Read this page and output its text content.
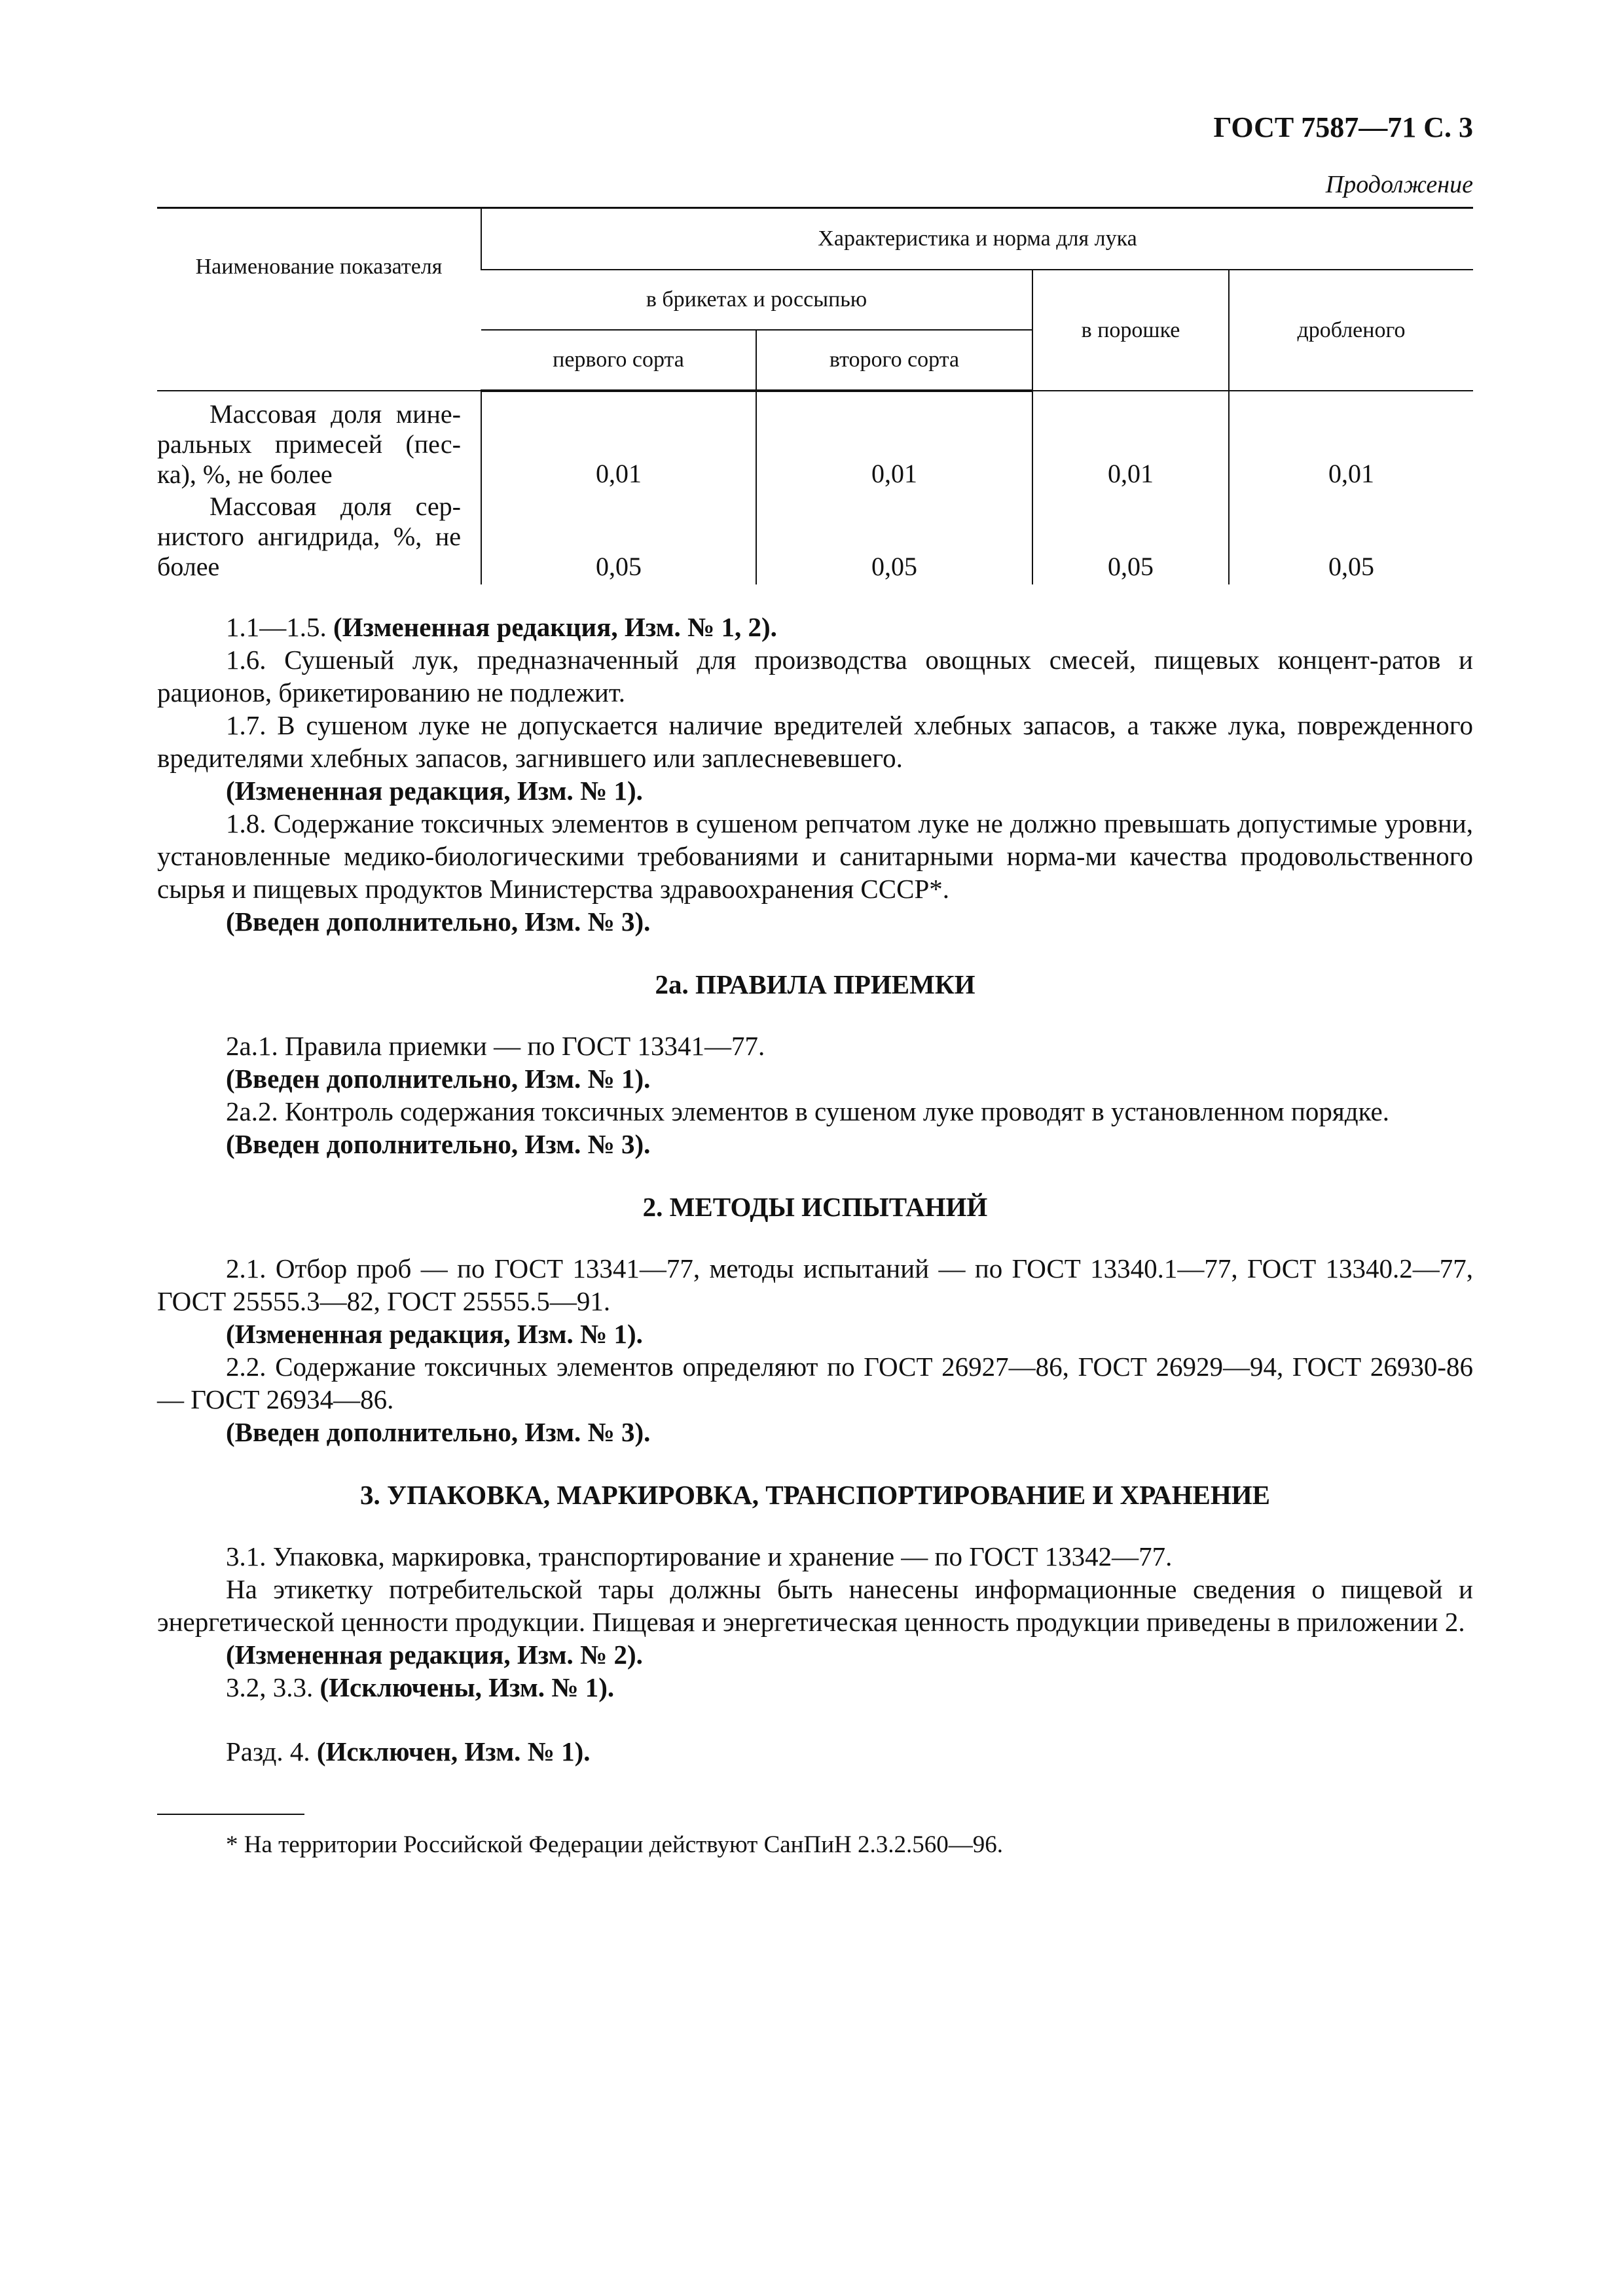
ГОСТ 7587—71 С. 3
Продолжение
Наименование показателя	Характеристика и норма для лука			
	в брикетах и россыпью		в порошке	дробленого
	первого сорта	второго сорта		

Массовая доля мине-ральных примесей (пес-ка), %, не более	0,01	0,01	0,01	0,01

Массовая доля сер-нистого ангидрида, %, не более	0,05	0,05	0,05	0,05

1.1—1.5. (Измененная редакция, Изм. № 1, 2).

1.6. Сушеный лук, предназначенный для производства овощных смесей, пищевых концент-ратов и рационов, брикетированию не подлежит.

1.7. В сушеном луке не допускается наличие вредителей хлебных запасов, а также лука, поврежденного вредителями хлебных запасов, загнившего или заплесневевшего.

(Измененная редакция, Изм. № 1).

1.8. Содержание токсичных элементов в сушеном репчатом луке не должно превышать допустимые уровни, установленные медико-биологическими требованиями и санитарными норма-ми качества продовольственного сырья и пищевых продуктов Министерства здравоохранения СССР*.

(Введен дополнительно, Изм. № 3).

2а. ПРАВИЛА ПРИЕМКИ

2а.1. Правила приемки — по ГОСТ 13341—77.

(Введен дополнительно, Изм. № 1).

2а.2. Контроль содержания токсичных элементов в сушеном луке проводят в установленном порядке.

(Введен дополнительно, Изм. № 3).

2. МЕТОДЫ ИСПЫТАНИЙ

2.1. Отбор проб — по ГОСТ 13341—77, методы испытаний — по ГОСТ 13340.1—77, ГОСТ 13340.2—77, ГОСТ 25555.3—82, ГОСТ 25555.5—91.

(Измененная редакция, Изм. № 1).

2.2. Содержание токсичных элементов определяют по ГОСТ 26927—86, ГОСТ 26929—94, ГОСТ 26930-86 — ГОСТ 26934—86.

(Введен дополнительно, Изм. № 3).

3. УПАКОВКА, МАРКИРОВКА, ТРАНСПОРТИРОВАНИЕ И ХРАНЕНИЕ

3.1. Упаковка, маркировка, транспортирование и хранение — по ГОСТ 13342—77.

На этикетку потребительской тары должны быть нанесены информационные сведения о пищевой и энергетической ценности продукции. Пищевая и энергетическая ценность продукции приведены в приложении 2.

(Измененная редакция, Изм. № 2).

3.2, 3.3. (Исключены, Изм. № 1).

Разд. 4. (Исключен, Изм. № 1).

* На территории Российской Федерации действуют СанПиН 2.3.2.560—96.
